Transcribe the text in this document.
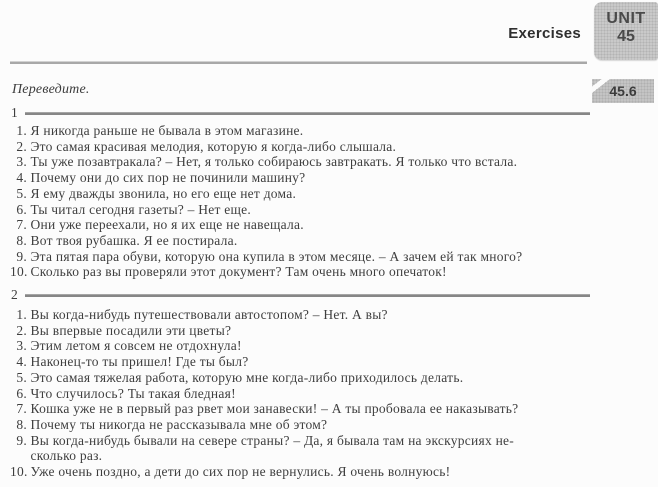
Exercises
UNIT
45
45.6
Переведите.
1
1. Я никогда раньше не бывала в этом магазине.
2. Это самая красивая мелодия, которую я когда-либо слышала.
3. Ты уже позавтракала? – Нет, я только собираюсь завтракать. Я только что встала.
4. Почему они до сих пор не починили машину?
5. Я ему дважды звонила, но его еще нет дома.
6. Ты читал сегодня газеты? – Нет еще.
7. Они уже переехали, но я их еще не навещала.
8. Вот твоя рубашка. Я ее постирала.
9. Эта пятая пара обуви, которую она купила в этом месяце. – А зачем ей так много?
10. Сколько раз вы проверяли этот документ? Там очень много опечаток!
2
1. Вы когда-нибудь путешествовали автостопом? – Нет. А вы?
2. Вы впервые посадили эти цветы?
3. Этим летом я совсем не отдохнула!
4. Наконец-то ты пришел! Где ты был?
5. Это самая тяжелая работа, которую мне когда-либо приходилось делать.
6. Что случилось? Ты такая бледная!
7. Кошка уже не в первый раз рвет мои занавески! – А ты пробовала ее наказывать?
8. Почему ты никогда не рассказывала мне об этом?
9. Вы когда-нибудь бывали на севере страны? – Да, я бывала там на экскурсиях не-
сколько раз.
10. Уже очень поздно, а дети до сих пор не вернулись. Я очень волнуюсь!
